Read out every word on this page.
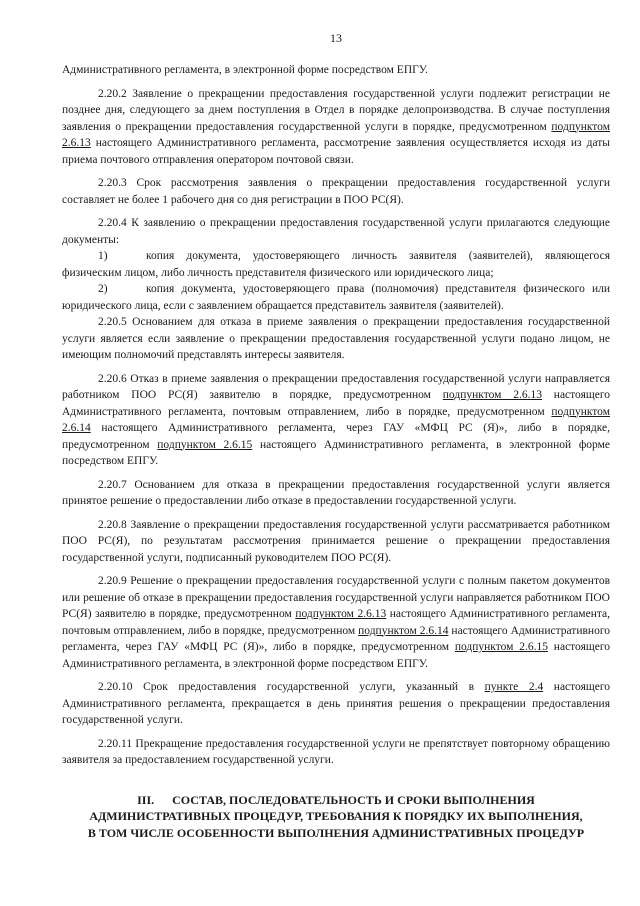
13

Административного регламента, в электронной форме посредством ЕПГУ.

2.20.2 Заявление о прекращении предоставления государственной услуги подлежит регистрации не позднее дня, следующего за днем поступления в Отдел в порядке делопроизводства. В случае поступления заявления о прекращении предоставления государственной услуги в порядке, предусмотренном подпунктом 2.6.13 настоящего Административного регламента, рассмотрение заявления осуществляется исходя из даты приема почтового отправления оператором почтовой связи.

2.20.3 Срок рассмотрения заявления о прекращении предоставления государственной услуги составляет не более 1 рабочего дня со дня регистрации в ПОО РС(Я).

2.20.4 К заявлению о прекращении предоставления государственной услуги прилагаются следующие документы:

1)	копия документа, удостоверяющего личность заявителя (заявителей), являющегося физическим лицом, либо личность представителя физического или юридического лица;

2)	копия документа, удостоверяющего права (полномочия) представителя физического или юридического лица, если с заявлением обращается представитель заявителя (заявителей).

2.20.5 Основанием для отказа в приеме заявления о прекращении предоставления государственной услуги является если заявление о прекращении предоставления государственной услуги подано лицом, не имеющим полномочий представлять интересы заявителя.

2.20.6 Отказ в приеме заявления о прекращении предоставления государственной услуги направляется работником ПОО РС(Я) заявителю в порядке, предусмотренном подпунктом 2.6.13 настоящего Административного регламента, почтовым отправлением, либо в порядке, предусмотренном подпунктом 2.6.14 настоящего Административного регламента, через ГАУ «МФЦ РС (Я)», либо в порядке, предусмотренном подпунктом 2.6.15 настоящего Административного регламента, в электронной форме посредством ЕПГУ.

2.20.7 Основанием для отказа в прекращении предоставления государственной услуги является принятое решение о предоставлении либо отказе в предоставлении государственной услуги.

2.20.8 Заявление о прекращении предоставления государственной услуги рассматривается работником ПОО РС(Я), по результатам рассмотрения принимается решение о прекращении предоставления государственной услуги, подписанный руководителем ПОО РС(Я).

2.20.9 Решение о прекращении предоставления государственной услуги с полным пакетом документов или решение об отказе в прекращении предоставления государственной услуги направляется работником ПОО РС(Я) заявителю в порядке, предусмотренном подпунктом 2.6.13 настоящего Административного регламента, почтовым отправлением, либо в порядке, предусмотренном подпунктом 2.6.14 настоящего Административного регламента, через ГАУ «МФЦ РС (Я)», либо в порядке, предусмотренном подпунктом 2.6.15 настоящего Административного регламента, в электронной форме посредством ЕПГУ.

2.20.10 Срок предоставления государственной услуги, указанный в пункте 2.4 настоящего Административного регламента, прекращается в день принятия решения о прекращении предоставления государственной услуги.

2.20.11 Прекращение предоставления государственной услуги не препятствует повторному обращению заявителя за предоставлением государственной услуги.

III. СОСТАВ, ПОСЛЕДОВАТЕЛЬНОСТЬ И СРОКИ ВЫПОЛНЕНИЯ
АДМИНИСТРАТИВНЫХ ПРОЦЕДУР, ТРЕБОВАНИЯ К ПОРЯДКУ ИХ ВЫПОЛНЕНИЯ,
В ТОМ ЧИСЛЕ ОСОБЕННОСТИ ВЫПОЛНЕНИЯ АДМИНИСТРАТИВНЫХ ПРОЦЕДУР
